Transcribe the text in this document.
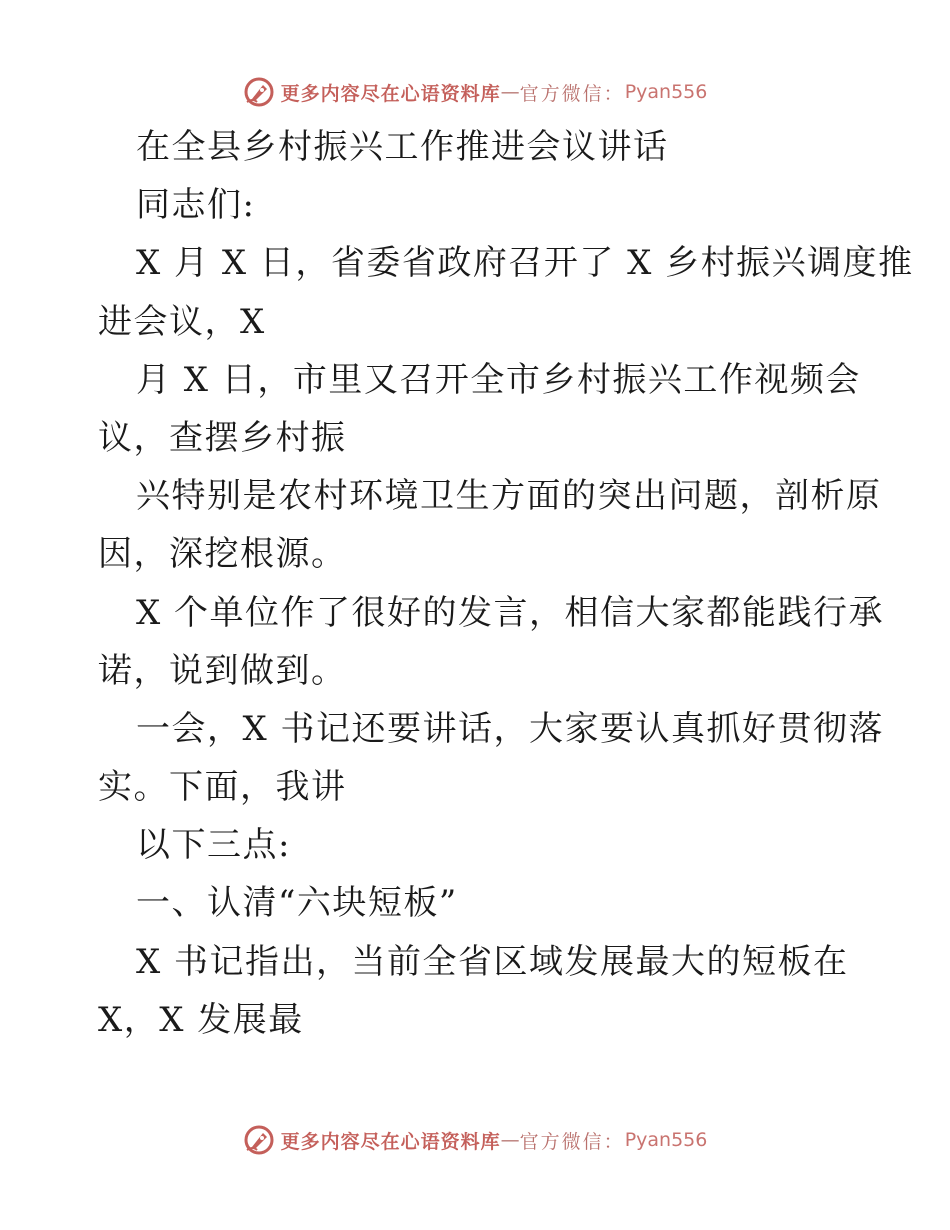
更多内容尽在心语资料库 — 官方微信： Pyan556
在全县乡村振兴工作推进会议讲话
同志们:
X 月 X 日，省委省政府召开了 X 乡村振兴调度推
进会议，X
月 X 日，市里又召开全市乡村振兴工作视频会
议，查摆乡村振
兴特别是农村环境卫生方面的突出问题，剖析原
因，深挖根源。
X 个单位作了很好的发言，相信大家都能践行承
诺，说到做到。
一会，X 书记还要讲话，大家要认真抓好贯彻落
实。下面，我讲
以下三点:
一、认清“六块短板”
X 书记指出，当前全省区域发展最大的短板在
X，X 发展最
更多内容尽在心语资料库 — 官方微信： Pyan556
